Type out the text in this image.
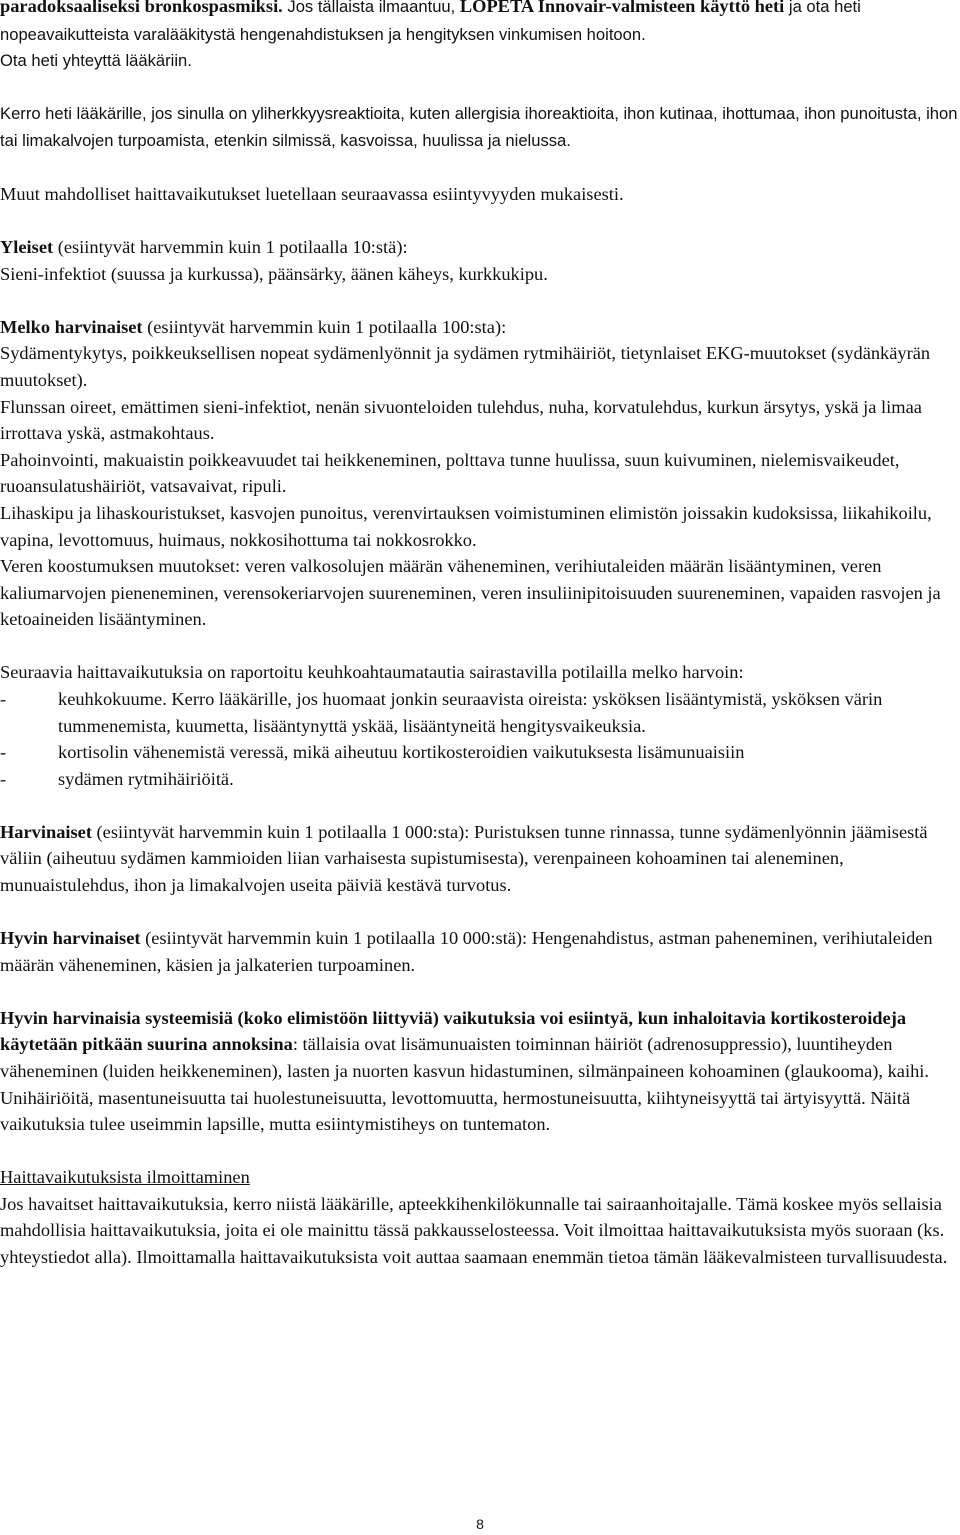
paradoksaaliseksi bronkospasmiksi. Jos tällaista ilmaantuu, LOPETA Innovair-valmisteen käyttö heti ja ota heti nopeavaikutteista varalääkitystä hengenahdistuksen ja hengityksen vinkumisen hoitoon.

Ota heti yhteyttä lääkäriin.

Kerro heti lääkärille, jos sinulla on yliherkkyysreaktioita, kuten allergisia ihoreaktioita, ihon kutinaa, ihottumaa, ihon punoitusta, ihon tai limakalvojen turpoamista, etenkin silmissä, kasvoissa, huulissa ja nielussa.

Muut mahdolliset haittavaikutukset luetellaan seuraavassa esiintyvyyden mukaisesti.

Yleiset (esiintyvät harvemmin kuin 1 potilaalla 10:stä):

Sieni-infektiot (suussa ja kurkussa), päänsärky, äänen käheys, kurkkukipu.

Melko harvinaiset (esiintyvät harvemmin kuin 1 potilaalla 100:sta):

Sydämentykytys, poikkeuksellisen nopeat sydämenlyönnit ja sydämen rytmihäiriöt, tietynlaiset EKG-muutokset (sydänkäyrän muutokset).

Flunssan oireet, emättimen sieni-infektiot, nenän sivuonteloiden tulehdus, nuha, korvatulehdus, kurkun ärsytys, yskä ja limaa irrottava yskä, astmakohtaus.

Pahoinvointi, makuaistin poikkeavuudet tai heikkeneminen, polttava tunne huulissa, suun kuivuminen, nielemisvaikeudet, ruoansulatushäiriöt, vatsavaivat, ripuli.

Lihaskipu ja lihaskouristukset, kasvojen punoitus, verenvirtauksen voimistuminen elimistön joissakin kudoksissa, liikahikoilu, vapina, levottomuus, huimaus, nokkosihottuma tai nokkosrokko.

Veren koostumuksen muutokset: veren valkosolujen määrän väheneminen, verihiutaleiden määrän lisääntyminen, veren kaliumarvojen pieneneminen, verensokeriarvojen suureneminen, veren insuliinipitoisuuden suureneminen, vapaiden rasvojen ja ketoaineiden lisääntyminen.

Seuraavia haittavaikutuksia on raportoitu keuhkoahtaumatautia sairastavilla potilailla melko harvoin:

-	keuhkokuume. Kerro lääkärille, jos huomaat jonkin seuraavista oireista: ysköksen lisääntymistä, ysköksen värin tummenemista, kuumetta, lisääntynyttä yskää, lisääntyneitä hengitysvaikeuksia.
-	kortisolin vähenemistä veressä, mikä aiheutuu kortikosteroidien vaikutuksesta lisämunuaisiin
-	sydämen rytmihäiriöitä.

Harvinaiset (esiintyvät harvemmin kuin 1 potilaalla 1 000:sta): Puristuksen tunne rinnassa, tunne sydämenlyönnin jäämisestä väliin (aiheutuu sydämen kammioiden liian varhaisesta supistumisesta), verenpaineen kohoaminen tai aleneminen, munuaistulehdus, ihon ja limakalvojen useita päiviä kestävä turvotus.

Hyvin harvinaiset (esiintyvät harvemmin kuin 1 potilaalla 10 000:stä): Hengenahdistus, astman paheneminen, verihiutaleiden määrän väheneminen, käsien ja jalkaterien turpoaminen.

Hyvin harvinaisia systeemisiä (koko elimistöön liittyviä) vaikutuksia voi esiintyä, kun inhaloitavia kortikosteroideja käytetään pitkään suurina annoksina: tällaisia ovat lisämunuaisten toiminnan häiriöt (adrenosuppressio), luuntiheyden väheneminen (luiden heikkeneminen), lasten ja nuorten kasvun hidastuminen, silmänpaineen kohoaminen (glaukooma), kaihi.

Unihäiriöitä, masentuneisuutta tai huolestuneisuutta, levottomuutta, hermostuneisuutta, kiihtyneisyyttä tai ärtyisyyttä. Näitä vaikutuksia tulee useimmin lapsille, mutta esiintymistiheys on tuntematon.

Haittavaikutuksista ilmoittaminen

Jos havaitset haittavaikutuksia, kerro niistä lääkärille, apteekkihenkilökunnalle tai sairaanhoitajalle. Tämä koskee myös sellaisia mahdollisia haittavaikutuksia, joita ei ole mainittu tässä pakkausselosteessa. Voit ilmoittaa haittavaikutuksista myös suoraan (ks. yhteystiedot alla). Ilmoittamalla haittavaikutuksista voit auttaa saamaan enemmän tietoa tämän lääkevalmisteen turvallisuudesta.

8
